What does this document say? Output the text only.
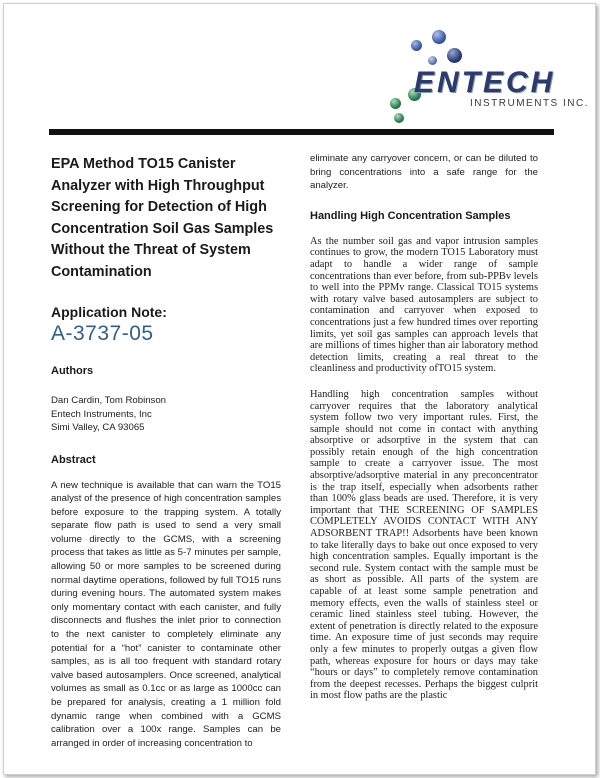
ENTECH
INSTRUMENTS INC.
EPA Method TO15 Canister Analyzer with High Throughput Screening for Detection of High Concentration Soil Gas Samples Without the Threat of System Contamination
Application Note:
A-3737-05
Authors
Dan Cardin, Tom Robinson
Entech Instruments, Inc
Simi Valley, CA 93065
Abstract

A new technique is available that can warn the TO15 analyst of the presence of high concentration samples before exposure to the trapping system. A totally separate flow path is used to send a very small volume directly to the GCMS, with a screening process that takes as little as 5-7 minutes per sample, allowing 50 or more samples to be screened during normal daytime operations, followed by full TO15 runs during evening hours. The automated system makes only momentary contact with each canister, and fully disconnects and flushes the inlet prior to connection to the next canister to completely eliminate any potential for a “hot” canister to contaminate other samples, as is all too frequent with standard rotary valve based autosamplers. Once screened, analytical volumes as small as 0.1cc or as large as 1000cc can be prepared for analysis, creating a 1 million fold dynamic range when combined with a GCMS calibration over a 100x range. Samples can be arranged in order of increasing concentration to

eliminate any carryover concern, or can be diluted to bring concentrations into a safe range for the analyzer.

Handling High Concentration Samples

As the number soil gas and vapor intrusion samples continues to grow, the modern TO15 Laboratory must adapt to handle a wider range of sample concentrations than ever before, from sub-PPBv levels to well into the PPMv range. Classical TO15 systems with rotary valve based autosamplers are subject to contamination and carryover when exposed to concentrations just a few hundred times over reporting limits, yet soil gas samples can approach levels that are millions of times higher than air laboratory method detection limits, creating a real threat to the cleanliness and productivity ofTO15 system.

Handling high concentration samples without carryover requires that the laboratory analytical system follow two very important rules. First, the sample should not come in contact with anything absorptive or adsorptive in the system that can possibly retain enough of the high concentration sample to create a carryover issue. The most absorptive/adsorptive material in any preconcentrator is the trap itself, especially when adsorbents rather than 100% glass beads are used. Therefore, it is very important that THE SCREENING OF SAMPLES COMPLETELY AVOIDS CONTACT WITH ANY ADSORBENT TRAP!! Adsorbents have been known to take literally days to bake out once exposed to very high concentration samples. Equally important is the second rule. System contact with the sample must be as short as possible. All parts of the system are capable of at least some sample penetration and memory effects, even the walls of stainless steel or ceramic lined stainless steel tubing. However, the extent of penetration is directly related to the exposure time. An exposure time of just seconds may require only a few minutes to properly outgas a given flow path, whereas exposure for hours or days may take “hours or days” to completely remove contamination from the deepest recesses. Perhaps the biggest culprit in most flow paths are the plastic
